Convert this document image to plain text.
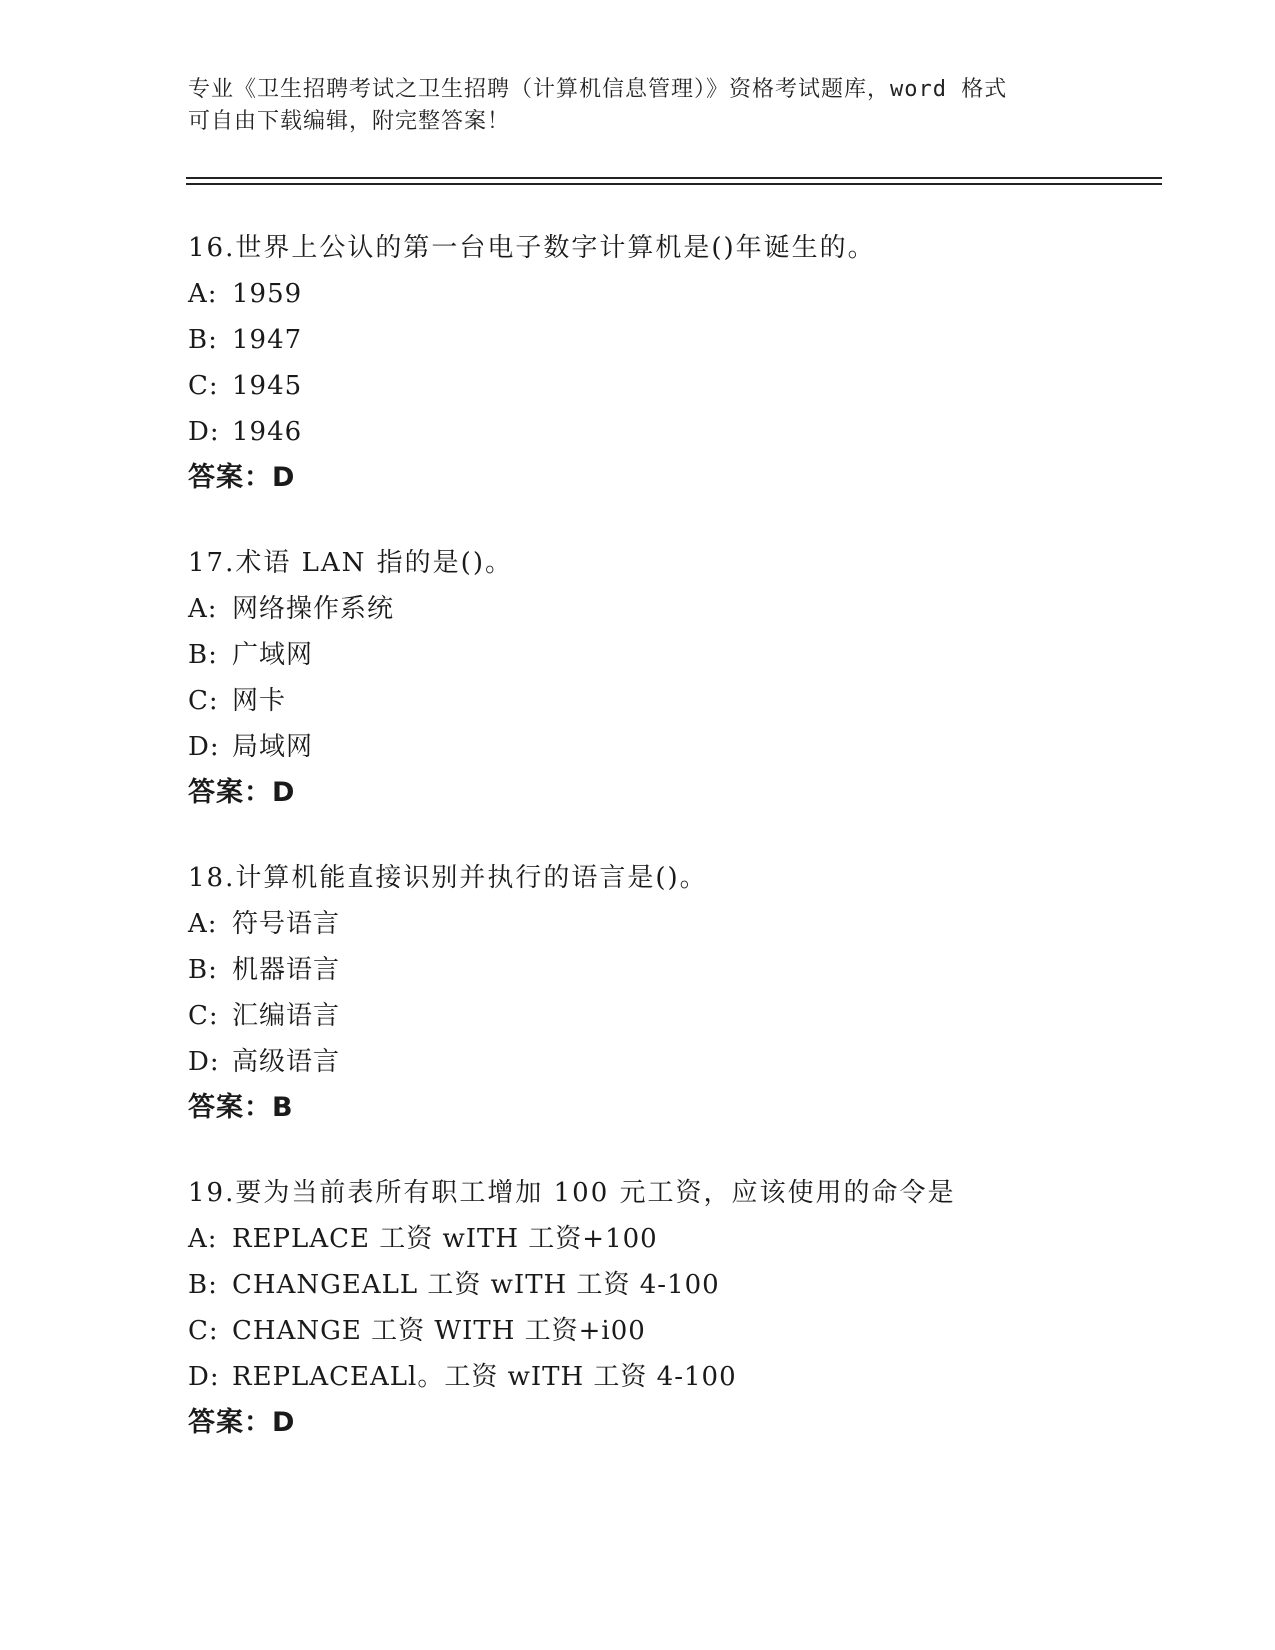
专业《卫生招聘考试之卫生招聘（计算机信息管理）》资格考试题库，word 格式
可自由下载编辑，附完整答案！
16.世界上公认的第一台电子数字计算机是()年诞生的。
A: 1959
B: 1947
C: 1945
D: 1946
答案：D
17.术语 LAN 指的是()。
A: 网络操作系统
B: 广域网
C: 网卡
D: 局域网
答案：D
18.计算机能直接识别并执行的语言是()。
A: 符号语言
B: 机器语言
C: 汇编语言
D: 高级语言
答案：B
19.要为当前表所有职工增加 100 元工资，应该使用的命令是
A: REPLACE 工资 wITH 工资+100
B: CHANGEALL 工资 wITH 工资 4-100
C: CHANGE 工资 WITH 工资+i00
D: REPLACEALl。工资 wITH 工资 4-100
答案：D
